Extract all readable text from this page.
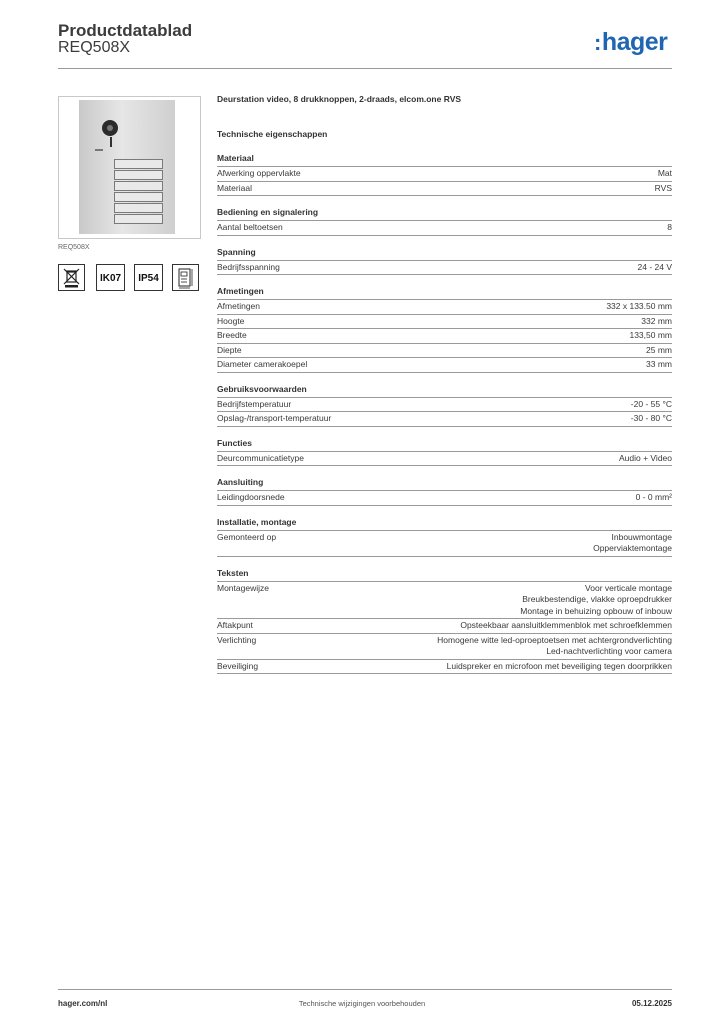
Productdatablad
REQ508X	:hager
REQ508X
IK07	IP54
Deurstation video, 8 drukknoppen, 2-draads, elcom.one RVS
Technische eigenschappen
Materiaal
Afwerking oppervlakte	Mat
Materiaal	RVS
Bediening en signalering
Aantal beltoetsen	8
Spanning
Bedrijfsspanning	24 - 24 V
Afmetingen
Afmetingen	332 x 133.50 mm
Hoogte	332 mm
Breedte	133,50 mm
Diepte	25 mm
Diameter camerakoepel	33 mm
Gebruiksvoorwaarden
Bedrijfstemperatuur	-20 - 55 °C
Opslag-/transport-temperatuur	-30 - 80 °C
Functies
Deurcommunicatietype	Audio + Video
Aansluiting
Leidingdoorsnede	0 - 0 mm²
Installatie, montage
Gemonteerd op	Inbouwmontage
Opperviaktemontage
Teksten
Montagewijze	Voor verticale montage
Breukbestendige, vlakke oproepdrukker
Montage in behuizing opbouw of inbouw
Aftakpunt	Opsteekbaar aansluitklemmenblok met schroefklemmen
Verlichting	Homogene witte led-oproeptoetsen met achtergrondverlichting
Led-nachtverlichting voor camera
Beveiliging	Luidspreker en microfoon met beveiliging tegen doorprikken
hager.com/nl	Technische wijzigingen voorbehouden	05.12.2025
